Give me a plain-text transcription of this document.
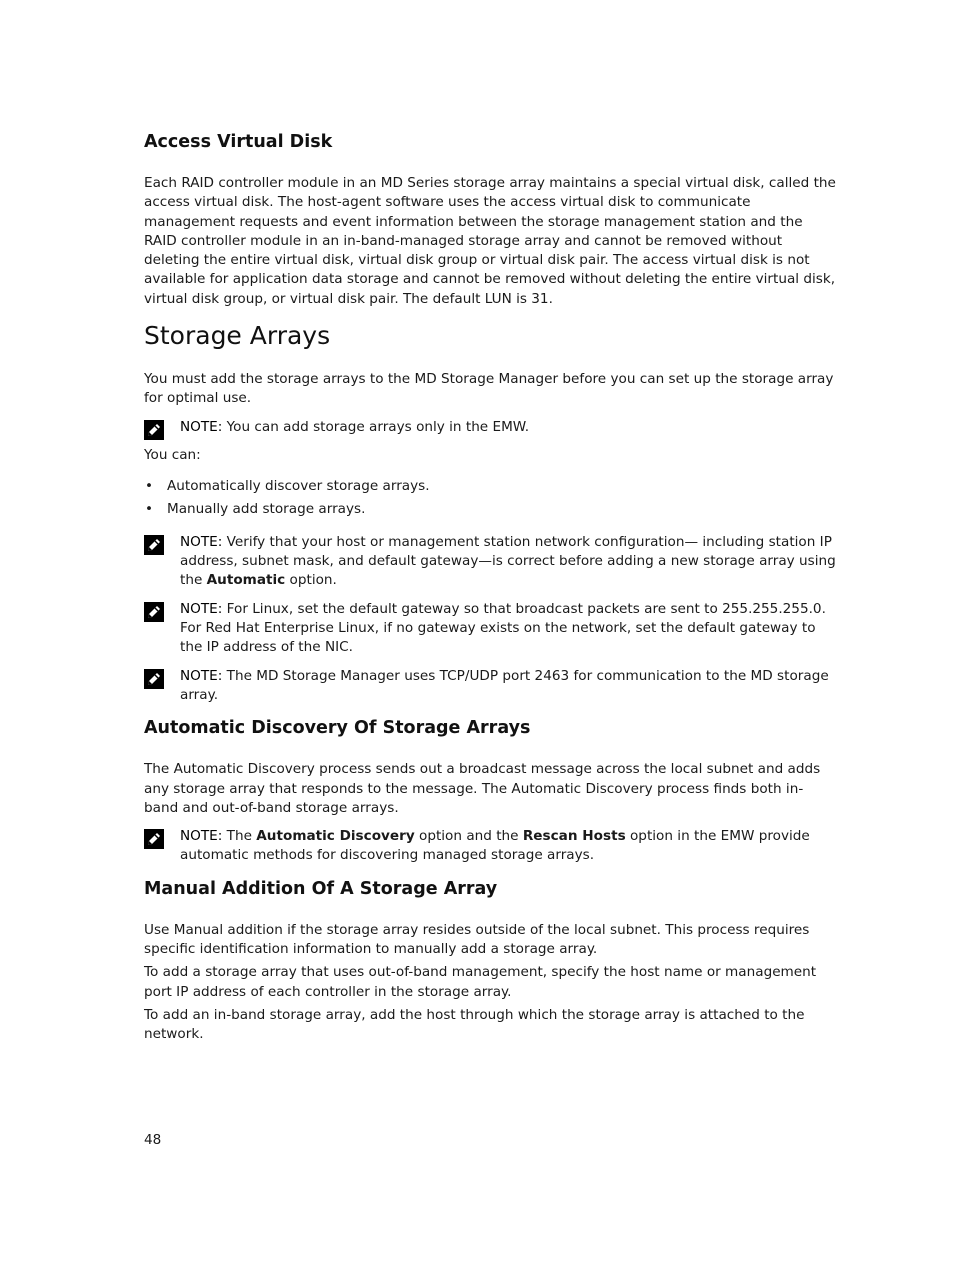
Access Virtual Disk

Each RAID controller module in an MD Series storage array maintains a special virtual disk, called the access virtual disk. The host-agent software uses the access virtual disk to communicate management requests and event information between the storage management station and the RAID controller module in an in-band-managed storage array and cannot be removed without deleting the entire virtual disk, virtual disk group or virtual disk pair. The access virtual disk is not available for application data storage and cannot be removed without deleting the entire virtual disk, virtual disk group, or virtual disk pair. The default LUN is 31.

Storage Arrays

You must add the storage arrays to the MD Storage Manager before you can set up the storage array for optimal use.

NOTE: You can add storage arrays only in the EMW.

You can:

• Automatically discover storage arrays.
• Manually add storage arrays.
NOTE: Verify that your host or management station network configuration— including station IP address, subnet mask, and default gateway—is correct before adding a new storage array using the Automatic option.
NOTE: For Linux, set the default gateway so that broadcast packets are sent to 255.255.255.0. For Red Hat Enterprise Linux, if no gateway exists on the network, set the default gateway to the IP address of the NIC.
NOTE: The MD Storage Manager uses TCP/UDP port 2463 for communication to the MD storage array.
Automatic Discovery Of Storage Arrays

The Automatic Discovery process sends out a broadcast message across the local subnet and adds any storage array that responds to the message. The Automatic Discovery process finds both in-band and out-of-band storage arrays.

NOTE: The Automatic Discovery option and the Rescan Hosts option in the EMW provide automatic methods for discovering managed storage arrays.
Manual Addition Of A Storage Array

Use Manual addition if the storage array resides outside of the local subnet. This process requires specific identification information to manually add a storage array.

To add a storage array that uses out-of-band management, specify the host name or management port IP address of each controller in the storage array.

To add an in-band storage array, add the host through which the storage array is attached to the network.

48
